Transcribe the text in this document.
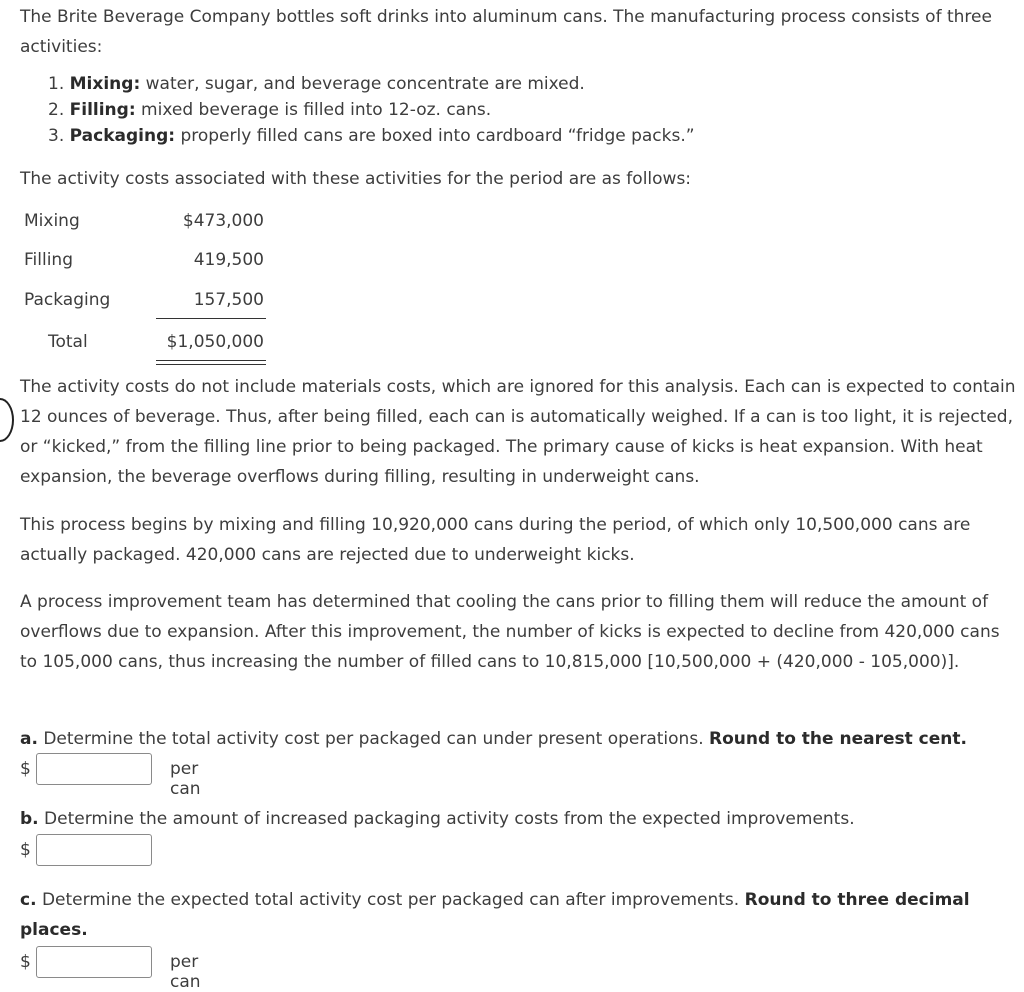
The Brite Beverage Company bottles soft drinks into aluminum cans. The manufacturing process consists of three activities:

1. Mixing: water, sugar, and beverage concentrate are mixed.
2. Filling: mixed beverage is filled into 12-oz. cans.
3. Packaging: properly filled cans are boxed into cardboard “fridge packs.”

The activity costs associated with these activities for the period are as follows:

Mixing	$473,000
Filling	419,500
Packaging	157,500
Total	$1,050,000

The activity costs do not include materials costs, which are ignored for this analysis. Each can is expected to contain 12 ounces of beverage. Thus, after being filled, each can is automatically weighed. If a can is too light, it is rejected, or “kicked,” from the filling line prior to being packaged. The primary cause of kicks is heat expansion. With heat expansion, the beverage overflows during filling, resulting in underweight cans.

This process begins by mixing and filling 10,920,000 cans during the period, of which only 10,500,000 cans are actually packaged. 420,000 cans are rejected due to underweight kicks.

A process improvement team has determined that cooling the cans prior to filling them will reduce the amount of overflows due to expansion. After this improvement, the number of kicks is expected to decline from 420,000 cans to 105,000 cans, thus increasing the number of filled cans to 10,815,000 [10,500,000 + (420,000 - 105,000)].

a. Determine the total activity cost per packaged can under present operations. Round to the nearest cent.

$	per can

b. Determine the amount of increased packaging activity costs from the expected improvements.

$

c. Determine the expected total activity cost per packaged can after improvements. Round to three decimal places.

$	per can
